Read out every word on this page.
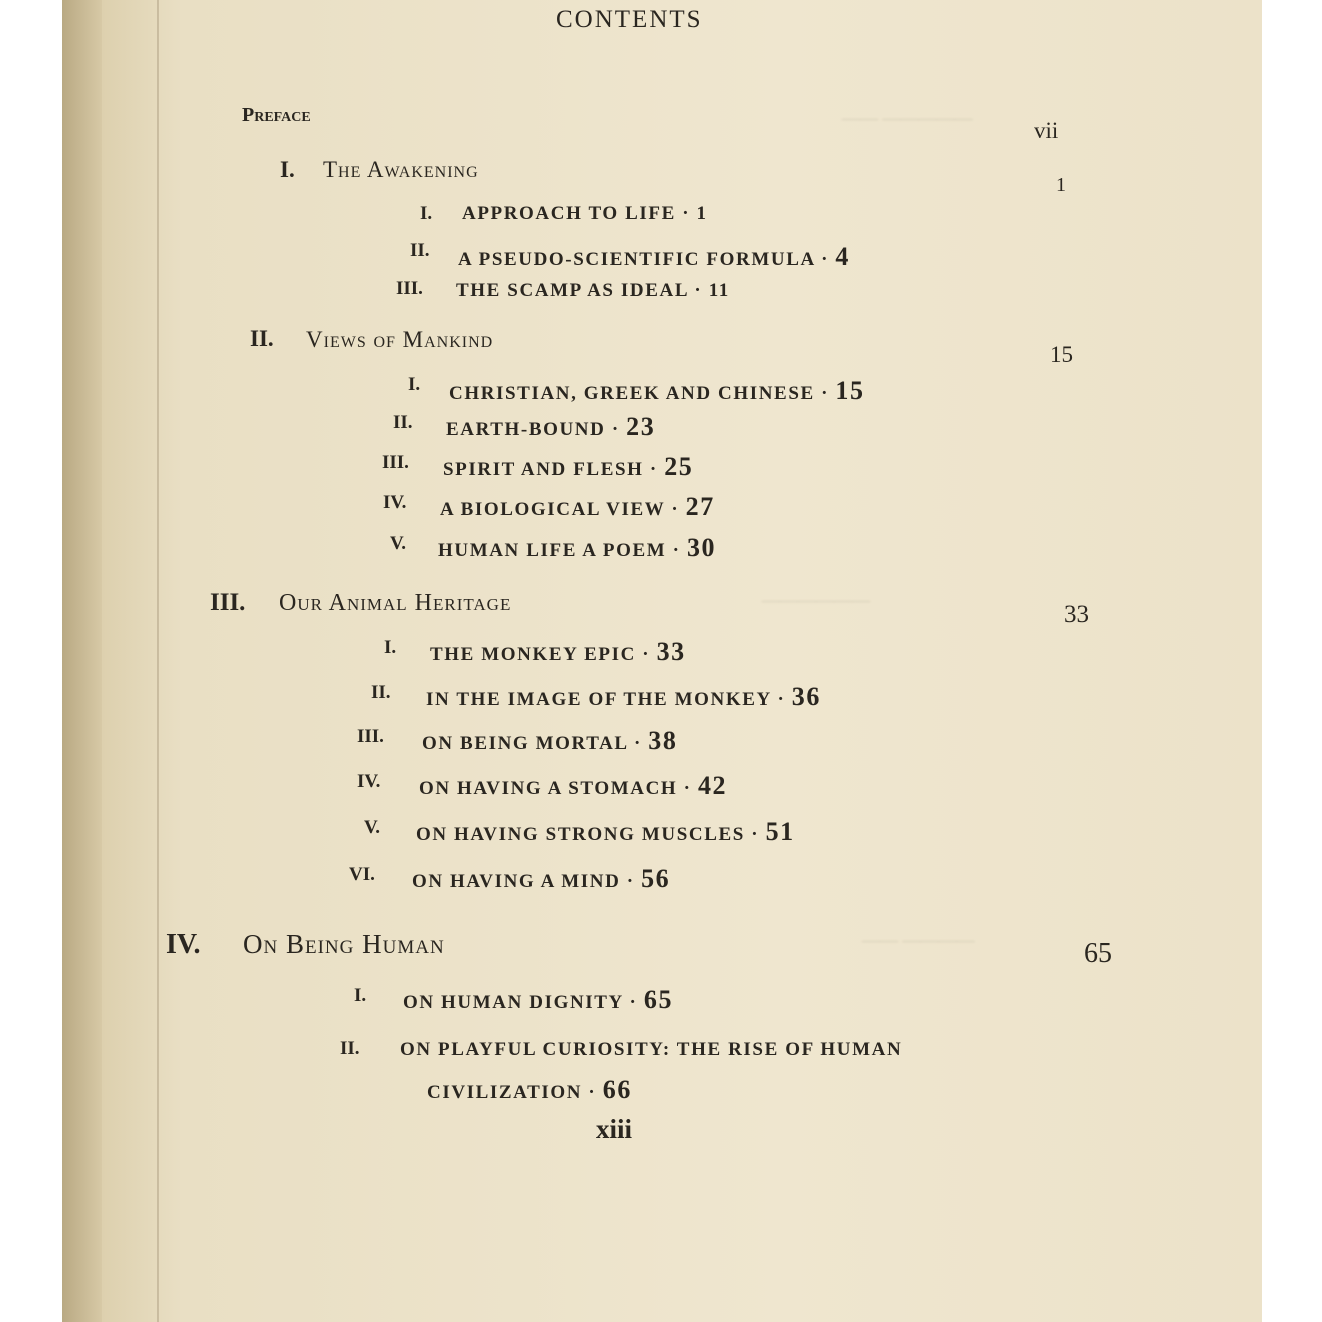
—— —————
——————
—— ————
CONTENTS
Preface
vii
I. The Awakening
1
I. APPROACH TO LIFE · 1
II. A PSEUDO-SCIENTIFIC FORMULA · 4
III. THE SCAMP AS IDEAL · 11
II. Views of Mankind
15
I. CHRISTIAN, GREEK AND CHINESE · 15
II. EARTH-BOUND · 23
III. SPIRIT AND FLESH · 25
IV. A BIOLOGICAL VIEW · 27
V. HUMAN LIFE A POEM · 30
III. Our Animal Heritage	33
I. THE MONKEY EPIC · 33
II. IN THE IMAGE OF THE MONKEY · 36
III. ON BEING MORTAL · 38
IV. ON HAVING A STOMACH · 42
V. ON HAVING STRONG MUSCLES · 51
VI. ON HAVING A MIND · 56
IV. On Being Human	65
I. ON HUMAN DIGNITY · 65
II. ON PLAYFUL CURIOSITY: THE RISE OF HUMAN
CIVILIZATION · 66
xiii
